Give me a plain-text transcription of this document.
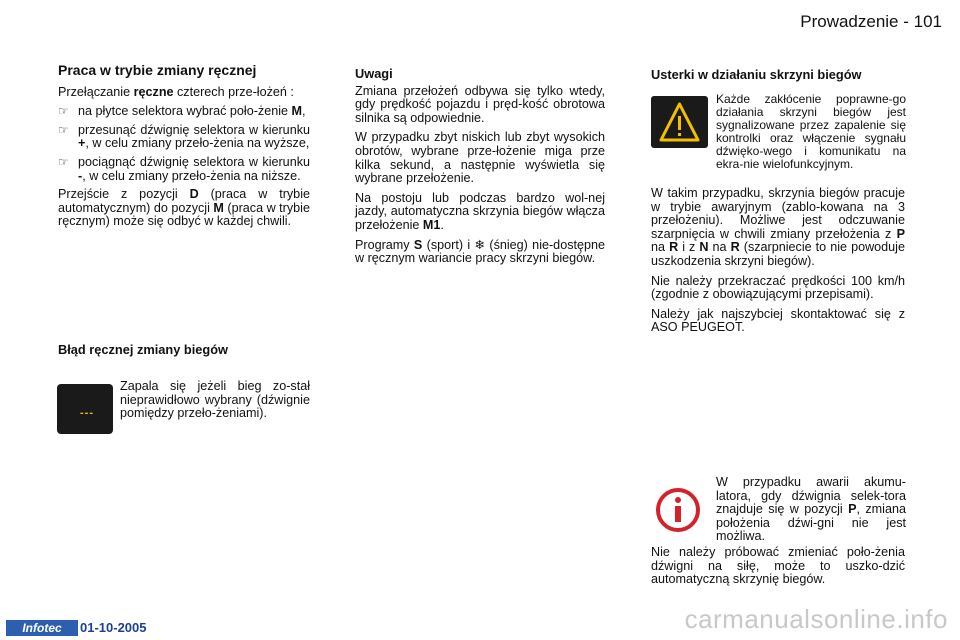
Prowadzenie - 101
Praca w trybie zmiany ręcznej

Przełączanie ręczne czterech prze-łożeń :

☞ na płytce selektora wybrać poło-żenie M,
☞ przesunąć dźwignię selektora w kierunku +, w celu zmiany przeło-żenia na wyższe,
☞ pociągnąć dźwignię selektora w kierunku -, w celu zmiany przeło-żenia na niższe.

Przejście z pozycji D (praca w trybie automatycznym) do pozycji M (praca w trybie ręcznym) może się odbyć w każdej chwili.

Błąd ręcznej zmiany biegów
---
Zapala się jeżeli bieg zo-stał nieprawidłowo wybrany (dźwignie pomiędzy przeło-żeniami).
Uwagi

Zmiana przełożeń odbywa się tylko wtedy, gdy prędkość pojazdu i pręd-kość obrotowa silnika są odpowiednie.

W przypadku zbyt niskich lub zbyt wysokich obrotów, wybrane prze-łożenie miga prze kilka sekund, a następnie wyświetla się wybrane przełożenie.

Na postoju lub podczas bardzo wol-nej jazdy, automatyczna skrzynia biegów włącza przełożenie M1.

Programy S (sport) i ❄ (śnieg) nie-dostępne w ręcznym wariancie pracy skrzyni biegów.

Usterki w działaniu skrzyni biegów
Każde zakłócenie poprawne-go działania skrzyni biegów jest sygnalizowane przez zapalenie się kontrolki oraz włączenie sygnału dźwięko-wego i komunikatu na ekra-nie wielofunkcyjnym.

W takim przypadku, skrzynia biegów pracuje w trybie awaryjnym (zablo-kowana na 3 przełożeniu). Możliwe jest odczuwanie szarpnięcia w chwili zmiany przełożenia z P na R i z N na R (szarpniecie to nie powoduje uszkodzenia skrzyni biegów).

Nie należy przekraczać prędkości 100 km/h (zgodnie z obowiązującymi przepisami).

Należy jak najszybciej skontaktować się z ASO PEUGEOT.

W przypadku awarii akumu-latora, gdy dźwignia selek-tora znajduje się w pozycji P, zmiana położenia dźwi-gni nie jest możliwa.
Nie należy próbować zmieniać poło-żenia dźwigni na siłę, może to uszko-dzić automatyczną skrzynię biegów.
Infotec	01-10-2005	carmanualsonline.info
